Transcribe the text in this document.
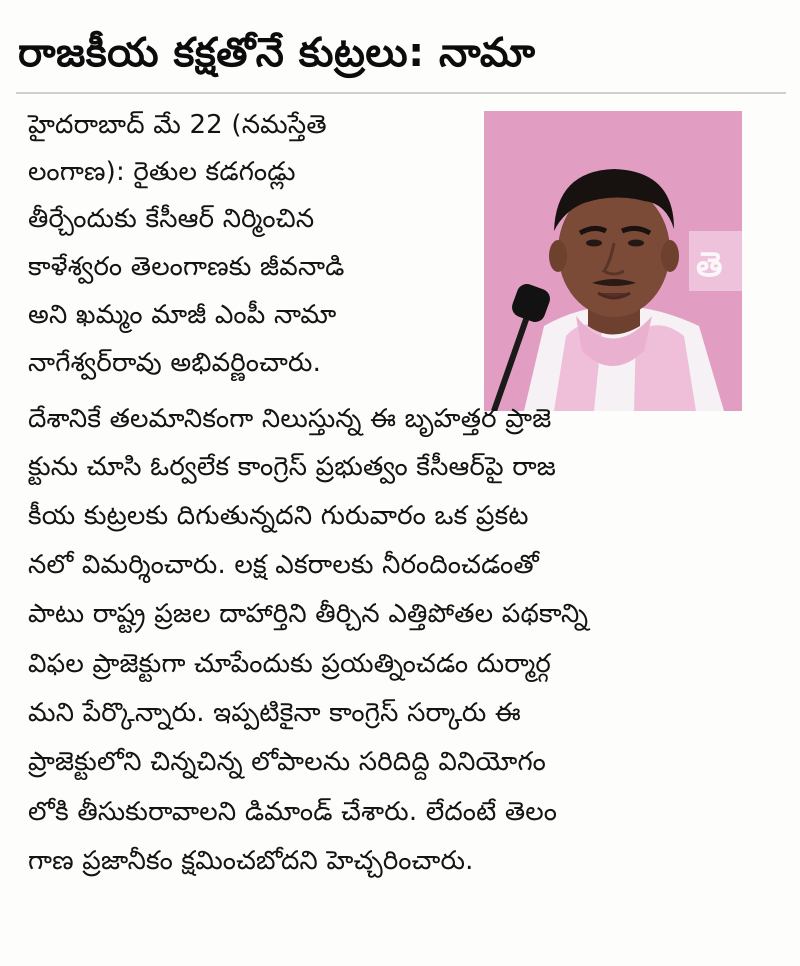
రాజకీయ కక్షతోనే కుట్రలు: నామా
తె
హైదరాబాద్ మే 22 (నమస్తేతె
లంగాణ): రైతుల కడగండ్లు
తీర్చేందుకు కేసీఆర్ నిర్మించిన
కాళేశ్వరం తెలంగాణకు జీవనాడి
అని ఖమ్మం మాజీ ఎంపీ నామా
నాగేశ్వర్‌రావు అభివర్ణించారు.
దేశానికే తలమానికంగా నిలుస్తున్న ఈ బృహత్తర ప్రాజె
క్టును చూసి ఓర్వలేక కాంగ్రెస్ ప్రభుత్వం కేసీఆర్‌పై రాజ
కీయ కుట్రలకు దిగుతున్నదని గురువారం ఒక ప్రకట
నలో విమర్శించారు. లక్ష ఎకరాలకు నీరందించడంతో
పాటు రాష్ట్ర ప్రజల దాహార్తిని తీర్చిన ఎత్తిపోతల పథకాన్ని
విఫల ప్రాజెక్టుగా చూపేందుకు ప్రయత్నించడం దుర్మార్గ
మని పేర్కొన్నారు. ఇప్పటికైనా కాంగ్రెస్ సర్కారు ఈ
ప్రాజెక్టులోని చిన్నచిన్న లోపాలను సరిదిద్ది వినియోగం
లోకి తీసుకురావాలని డిమాండ్ చేశారు. లేదంటే తెలం
గాణ ప్రజానీకం క్షమించబోదని హెచ్చరించారు.
